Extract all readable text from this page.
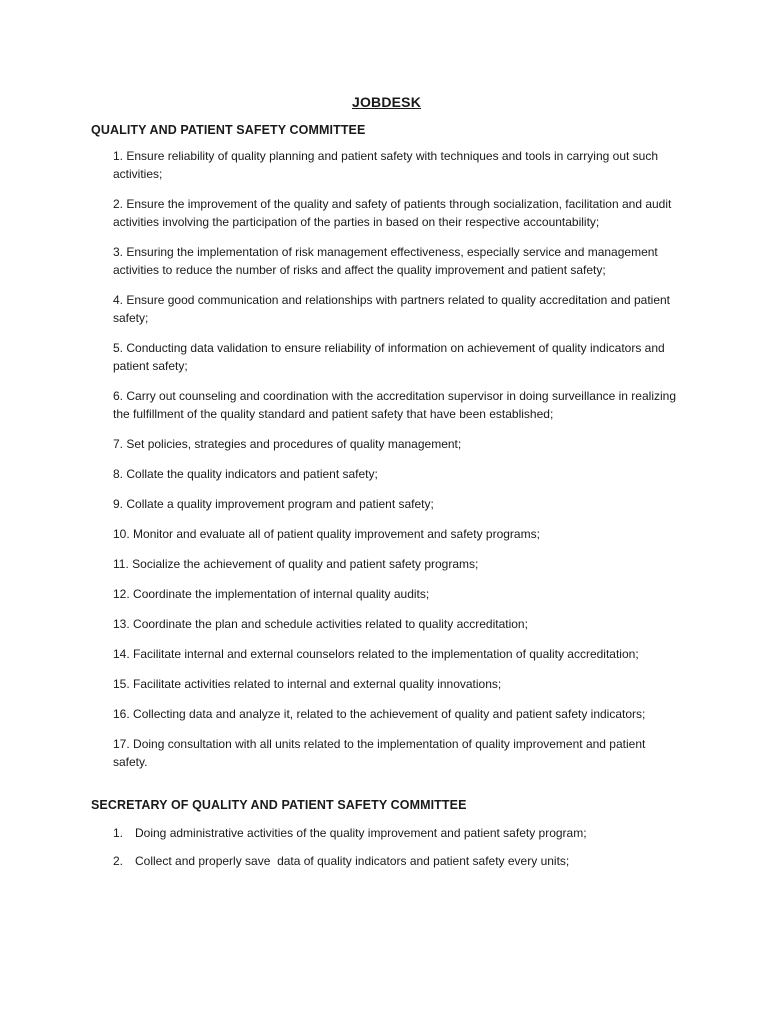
JOBDESK
QUALITY AND PATIENT SAFETY COMMITTEE
1. Ensure reliability of quality planning and patient safety with techniques and tools in carrying out such activities;
2. Ensure the improvement of the quality and safety of patients through socialization, facilitation and audit activities involving the participation of the parties in based on their respective accountability;
3. Ensuring the implementation of risk management effectiveness, especially service and management activities to reduce the number of risks and affect the quality improvement and patient safety;
4. Ensure good communication and relationships with partners related to quality accreditation and patient safety;
5. Conducting data validation to ensure reliability of information on achievement of quality indicators and patient safety;
6. Carry out counseling and coordination with the accreditation supervisor in doing surveillance in realizing the fulfillment of the quality standard and patient safety that have been established;
7. Set policies, strategies and procedures of quality management;
8. Collate the quality indicators and patient safety;
9. Collate a quality improvement program and patient safety;
10. Monitor and evaluate all of patient quality improvement and safety programs;
11. Socialize the achievement of quality and patient safety programs;
12. Coordinate the implementation of internal quality audits;
13. Coordinate the plan and schedule activities related to quality accreditation;
14. Facilitate internal and external counselors related to the implementation of quality accreditation;
15. Facilitate activities related to internal and external quality innovations;
16. Collecting data and analyze it, related to the achievement of quality and patient safety indicators;
17. Doing consultation with all units related to the implementation of quality improvement and patient safety.
SECRETARY OF QUALITY AND PATIENT SAFETY COMMITTEE
1. Doing administrative activities of the quality improvement and patient safety program;
2. Collect and properly save  data of quality indicators and patient safety every units;
